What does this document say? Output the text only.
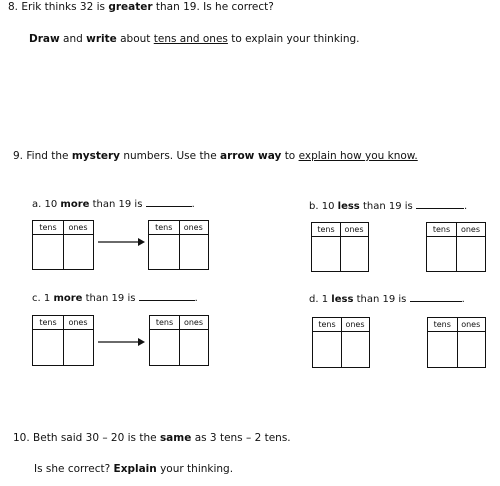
8. Erik thinks 32 is greater than 19. Is he correct?
Draw and write about tens and ones to explain your thinking.
9. Find the mystery numbers. Use the arrow way to explain how you know.
a. 10 more than 19 is	.	b. 10 less than 19 is	.
c. 1 more than 19 is	.	d. 1 less than 19 is	.
tens	ones	tens	ones	tens	ones	tens	ones
tens	ones	tens	ones	tens	ones	tens	ones
10. Beth said 30 – 20 is the same as 3 tens – 2 tens.
Is she correct? Explain your thinking.
